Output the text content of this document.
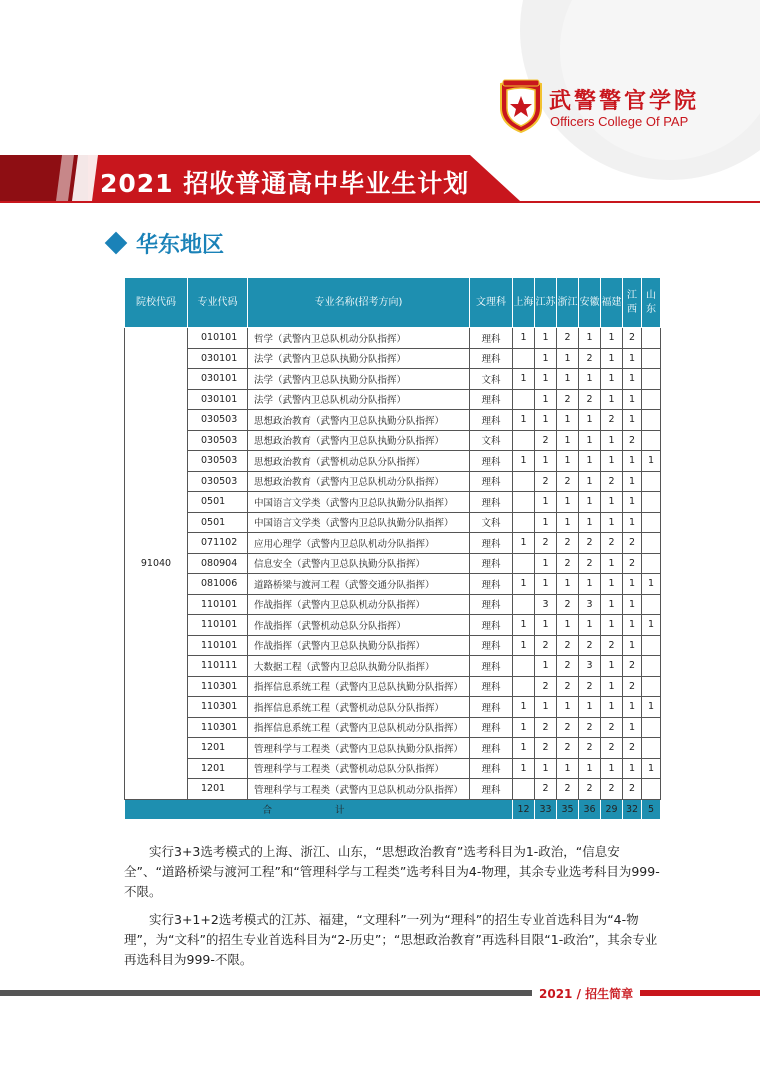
武警警官学院
Officers College Of PAP
2021 招收普通高中毕业生计划
华东地区
院校代码	专业代码	专业名称(招考方向)	文理科	上海	江苏	浙江	安徽	福建	江西	山东
91040	010101	哲学（武警内卫总队机动分队指挥）	理科	1	1	2	1	1	2	
	030101	法学（武警内卫总队执勤分队指挥）	理科		1	1	2	1	1	
	030101	法学（武警内卫总队执勤分队指挥）	文科	1	1	1	1	1	1	
	030101	法学（武警内卫总队机动分队指挥）	理科		1	2	2	1	1	
	030503	思想政治教育（武警内卫总队执勤分队指挥）	理科	1	1	1	1	2	1	
	030503	思想政治教育（武警内卫总队执勤分队指挥）	文科		2	1	1	1	2	
	030503	思想政治教育（武警机动总队分队指挥）	理科	1	1	1	1	1	1	1
	030503	思想政治教育（武警内卫总队机动分队指挥）	理科		2	2	1	2	1	
	0501	中国语言文学类（武警内卫总队执勤分队指挥）	理科		1	1	1	1	1	
	0501	中国语言文学类（武警内卫总队执勤分队指挥）	文科		1	1	1	1	1	
	071102	应用心理学（武警内卫总队机动分队指挥）	理科	1	2	2	2	2	2	
	080904	信息安全（武警内卫总队执勤分队指挥）	理科		1	2	2	1	2	
	081006	道路桥梁与渡河工程（武警交通分队指挥）	理科	1	1	1	1	1	1	1
	110101	作战指挥（武警内卫总队机动分队指挥）	理科		3	2	3	1	1	
	110101	作战指挥（武警机动总队分队指挥）	理科	1	1	1	1	1	1	1
	110101	作战指挥（武警内卫总队执勤分队指挥）	理科	1	2	2	2	2	1	
	110111	大数据工程（武警内卫总队执勤分队指挥）	理科		1	2	3	1	2	
	110301	指挥信息系统工程（武警内卫总队执勤分队指挥）	理科		2	2	2	1	2	
	110301	指挥信息系统工程（武警机动总队分队指挥）	理科	1	1	1	1	1	1	1
	110301	指挥信息系统工程（武警内卫总队机动分队指挥）	理科	1	2	2	2	2	1	
	1201	管理科学与工程类（武警内卫总队执勤分队指挥）	理科	1	2	2	2	2	2	
	1201	管理科学与工程类（武警机动总队分队指挥）	理科	1	1	1	1	1	1	1
	1201	管理科学与工程类（武警内卫总队机动分队指挥）	理科		2	2	2	2	2	
合 计				12	33	35	36	29	32	5

实行3+3选考模式的上海、浙江、山东，“思想政治教育”选考科目为1-政治，“信息安全”、“道路桥梁与渡河工程”和“管理科学与工程类”选考科目为4-物理，其余专业选考科目为999-不限。

实行3+1+2选考模式的江苏、福建，“文理科”一列为“理科”的招生专业首选科目为“4-物理”，为“文科”的招生专业首选科目为“2-历史”；“思想政治教育”再选科目限“1-政治”，其余专业再选科目为999-不限。

2021 / 招生简章
